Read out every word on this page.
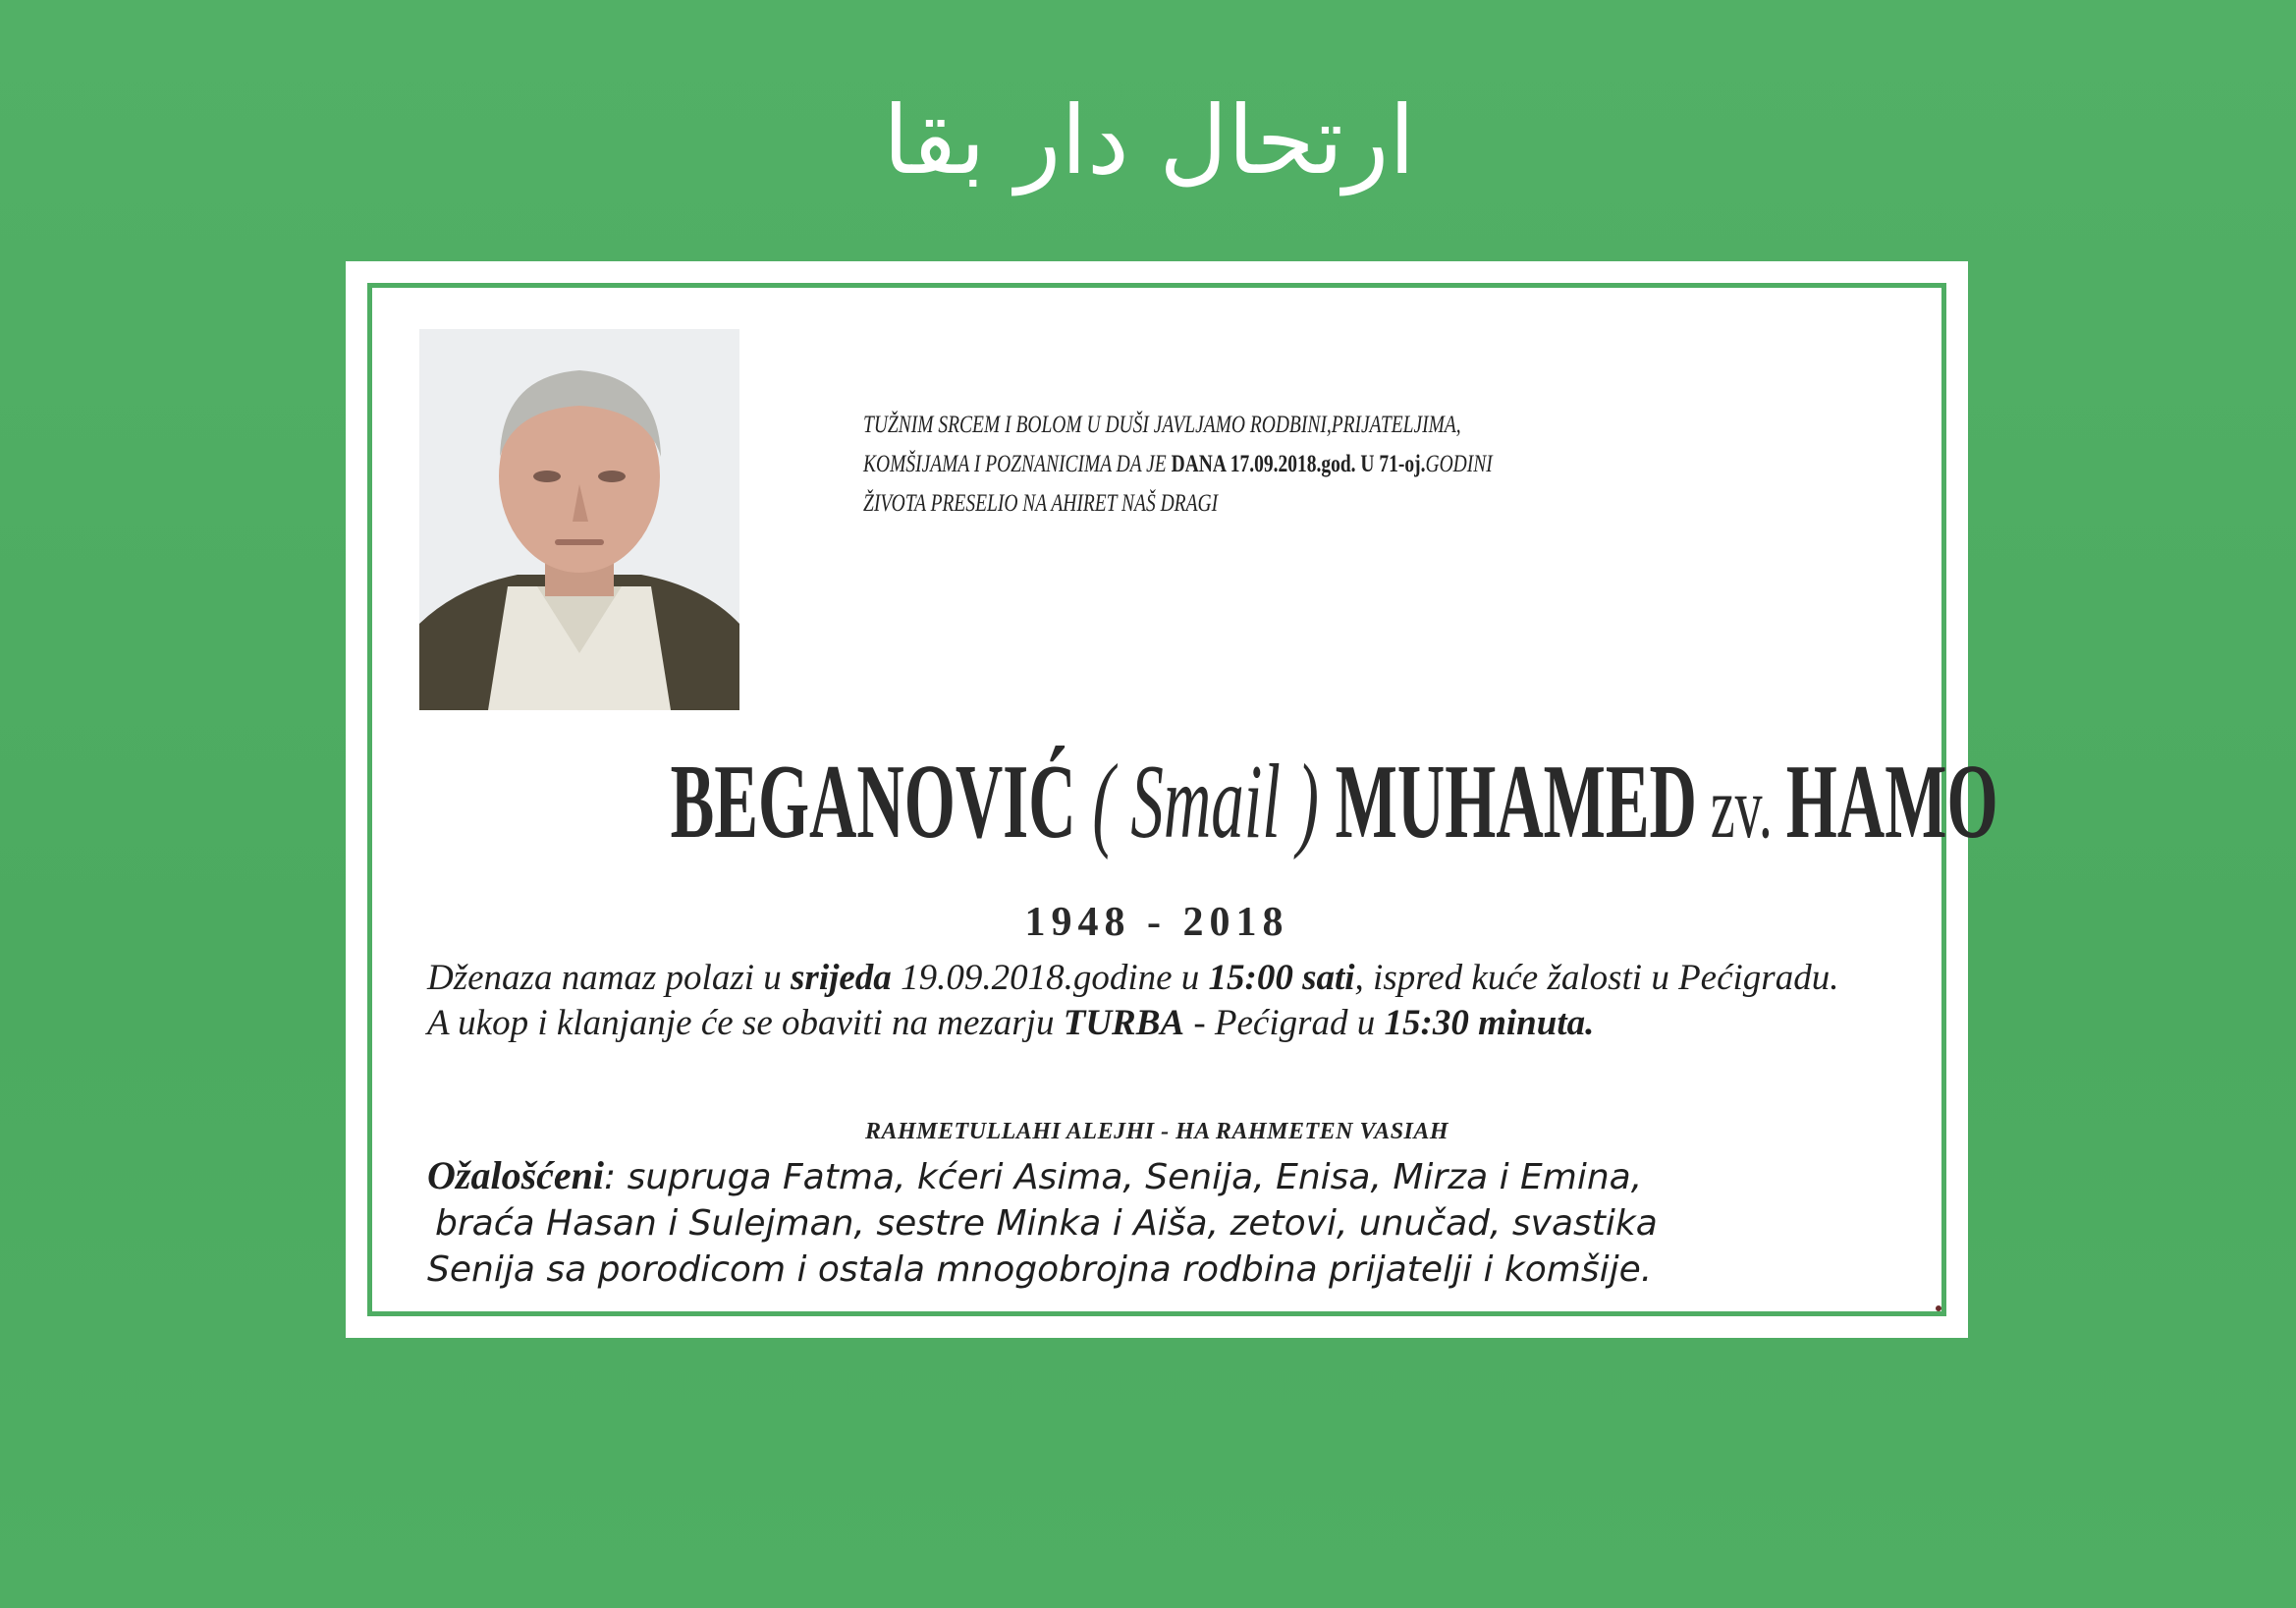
ارتحال دار بقا
TUŽNIM SRCEM I BOLOM U DUŠI JAVLJAMO RODBINI,PRIJATELJIMA,
KOMŠIJAMA I POZNANICIMA DA JE DANA 17.09.2018.god. U 71-oj.GODINI
ŽIVOTA PRESELIO NA AHIRET NAŠ DRAGI
BEGANOVIĆ ( Smail ) MUHAMED zv. HAMO
1948 - 2018
Dženaza namaz polazi u srijeda 19.09.2018.godine u 15:00 sati, ispred kuće žalosti u Pećigradu.
A ukop i klanjanje će se obaviti na mezarju TURBA - Pećigrad u 15:30 minuta.
RAHMETULLAHI ALEJHI - HA RAHMETEN VASIAH
Ožalošćeni: supruga Fatma, kćeri Asima, Senija, Enisa, Mirza i Emina,
braća Hasan i Sulejman, sestre Minka i Aiša, zetovi, unučad, svastika
Senija sa porodicom i ostala mnogobrojna rodbina prijatelji i komšije.
